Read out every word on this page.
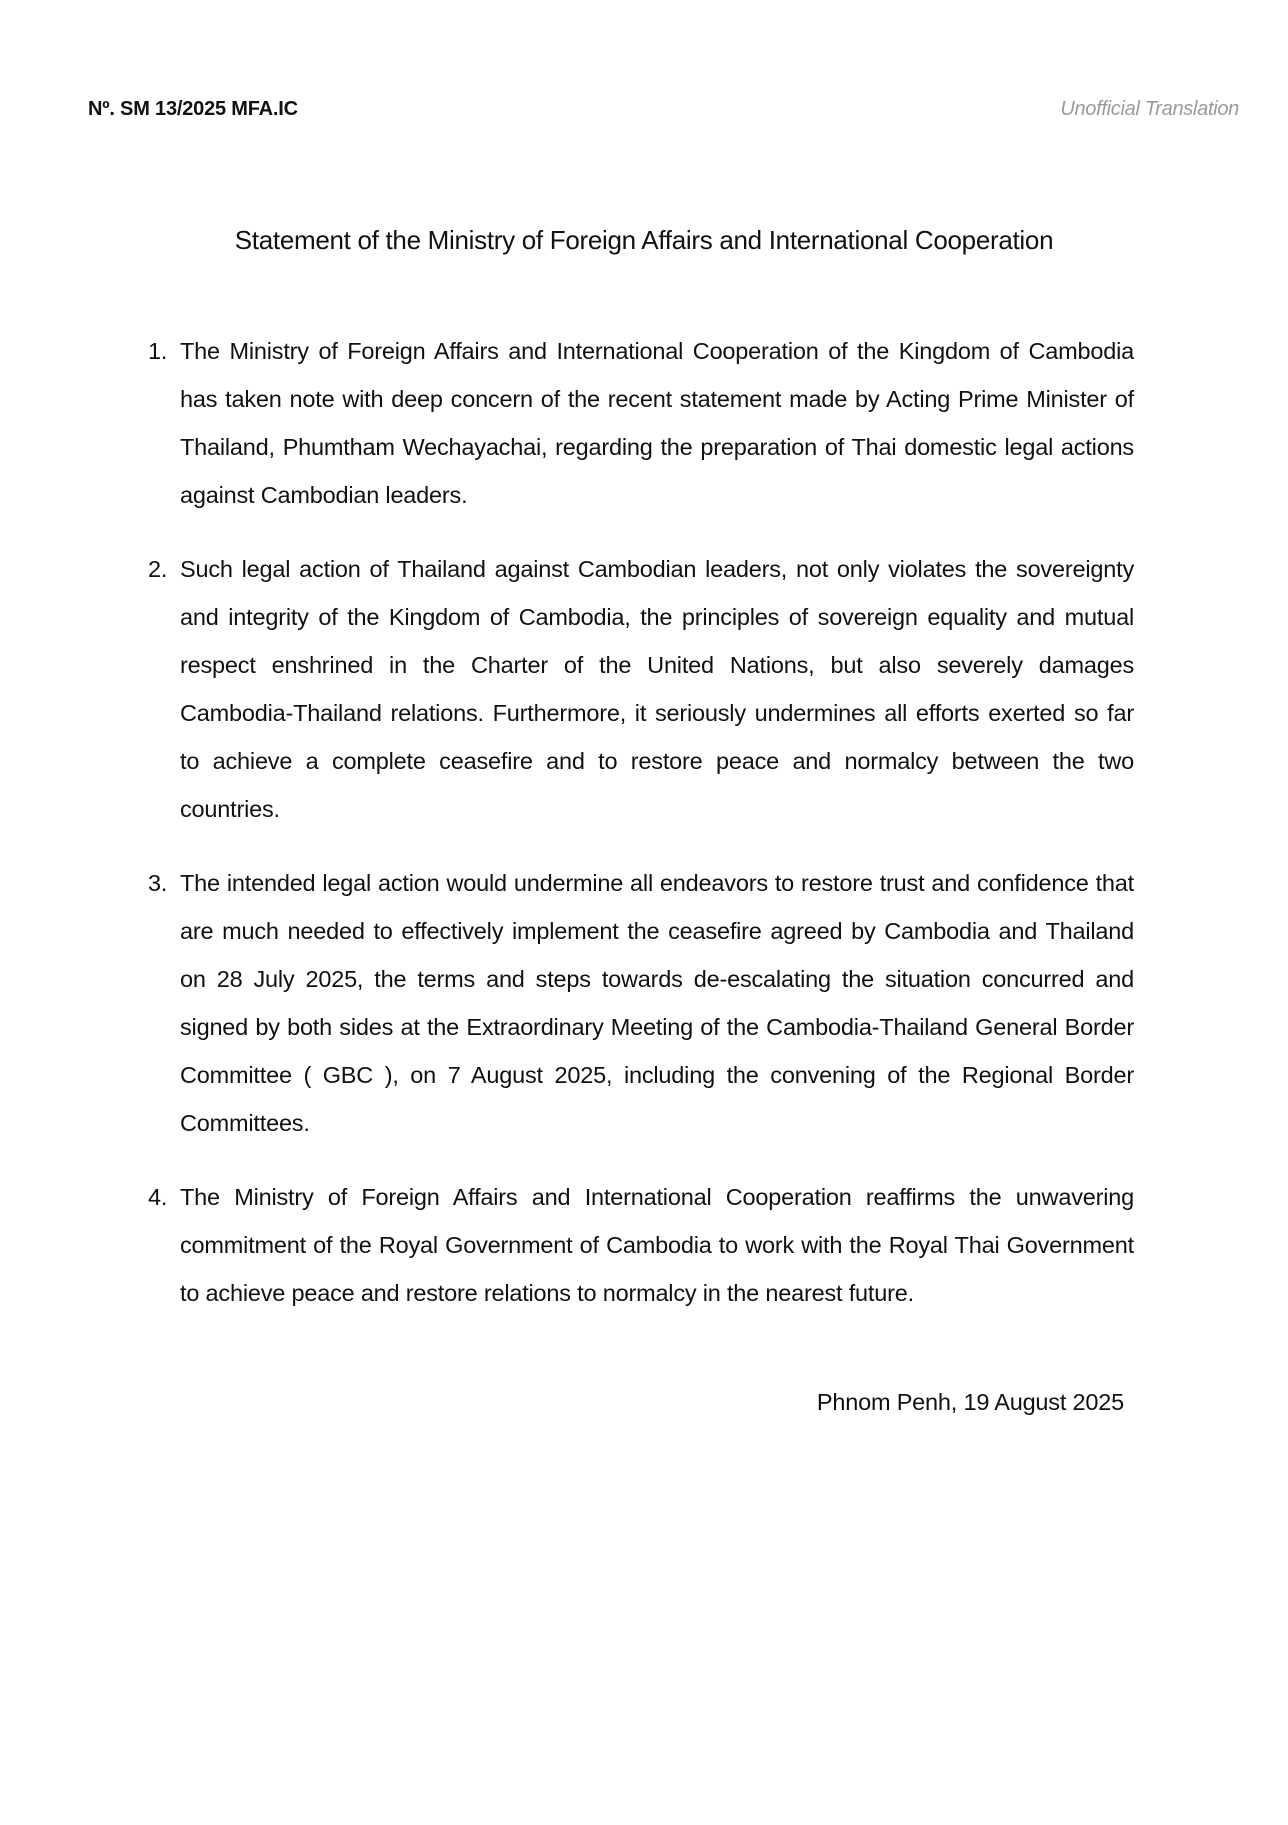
Nº. SM 13/2025 MFA.IC	Unofficial Translation
Statement of the Ministry of Foreign Affairs and International Cooperation
1. The Ministry of Foreign Affairs and International Cooperation of the Kingdom of Cambodia has taken note with deep concern of the recent statement made by Acting Prime Minister of Thailand, Phumtham Wechayachai, regarding the preparation of Thai domestic legal actions against Cambodian leaders.
2. Such legal action of Thailand against Cambodian leaders, not only violates the sovereignty and integrity of the Kingdom of Cambodia, the principles of sovereign equality and mutual respect enshrined in the Charter of the United Nations, but also severely damages Cambodia-Thailand relations. Furthermore, it seriously undermines all efforts exerted so far to achieve a complete ceasefire and to restore peace and normalcy between the two countries.
3. The intended legal action would undermine all endeavors to restore trust and confidence that are much needed to effectively implement the ceasefire agreed by Cambodia and Thailand on 28 July 2025, the terms and steps towards de-escalating the situation concurred and signed by both sides at the Extraordinary Meeting of the Cambodia-Thailand General Border Committee ( GBC ), on 7 August 2025, including the convening of the Regional Border Committees.
4. The Ministry of Foreign Affairs and International Cooperation reaffirms the unwavering commitment of the Royal Government of Cambodia to work with the Royal Thai Government to achieve peace and restore relations to normalcy in the nearest future.
Phnom Penh, 19 August 2025
